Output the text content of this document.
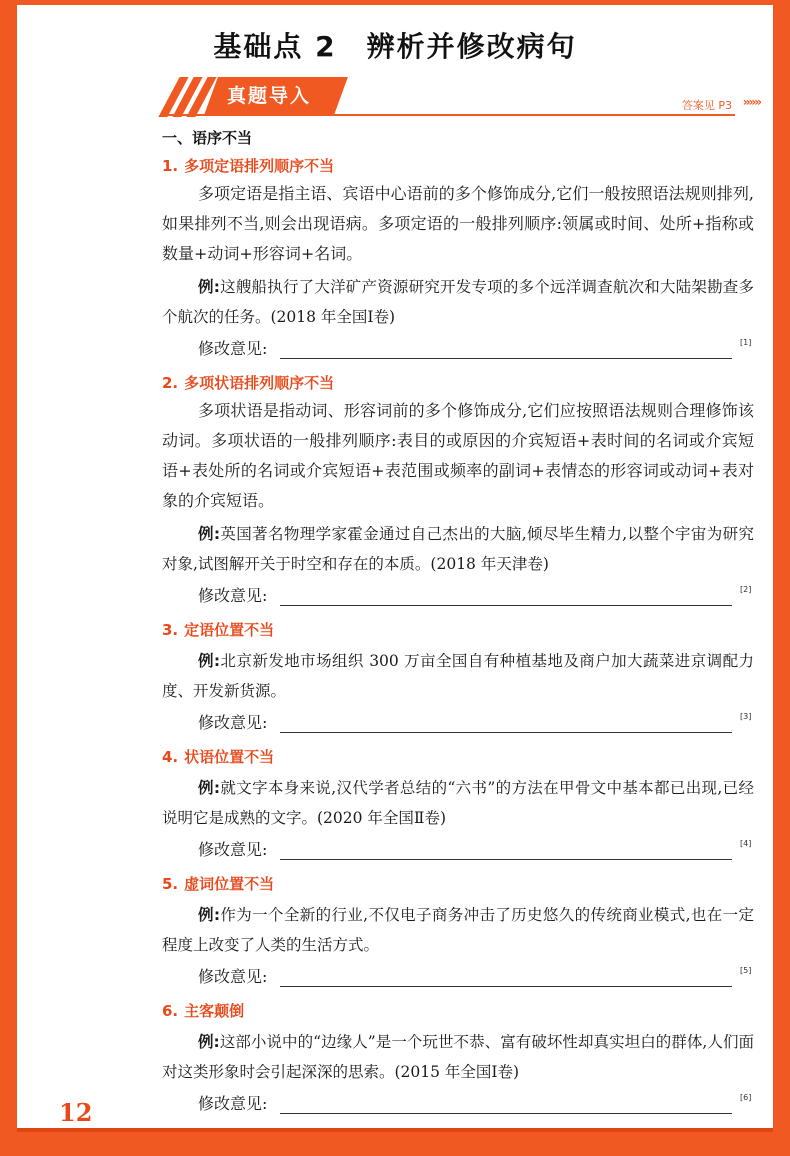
基础点 2　辨析并修改病句
真题导入	答案见 P3 »»»
一、语序不当
1. 多项定语排列顺序不当

多项定语是指主语、宾语中心语前的多个修饰成分,它们一般按照语法规则排列,如果排列不当,则会出现语病。多项定语的一般排列顺序:领属或时间、处所+指称或数量+动词+形容词+名词。

例:这艘船执行了大洋矿产资源研究开发专项的多个远洋调查航次和大陆架勘查多个航次的任务。(2018 年全国Ⅰ卷)

修改意见:	[1]
2. 多项状语排列顺序不当

多项状语是指动词、形容词前的多个修饰成分,它们应按照语法规则合理修饰该动词。多项状语的一般排列顺序:表目的或原因的介宾短语+表时间的名词或介宾短语+表处所的名词或介宾短语+表范围或频率的副词+表情态的形容词或动词+表对象的介宾短语。

例:英国著名物理学家霍金通过自己杰出的大脑,倾尽毕生精力,以整个宇宙为研究对象,试图解开关于时空和存在的本质。(2018 年天津卷)

修改意见:	[2]
3. 定语位置不当

例:北京新发地市场组织 300 万亩全国自有种植基地及商户加大蔬菜进京调配力度、开发新货源。

修改意见:	[3]
4. 状语位置不当

例:就文字本身来说,汉代学者总结的“六书”的方法在甲骨文中基本都已出现,已经说明它是成熟的文字。(2020 年全国Ⅱ卷)

修改意见:	[4]
5. 虚词位置不当

例:作为一个全新的行业,不仅电子商务冲击了历史悠久的传统商业模式,也在一定程度上改变了人类的生活方式。

修改意见:	[5]
6. 主客颠倒

例:这部小说中的“边缘人”是一个玩世不恭、富有破坏性却真实坦白的群体,人们面对这类形象时会引起深深的思索。(2015 年全国Ⅰ卷)

修改意见:	[6]
12
